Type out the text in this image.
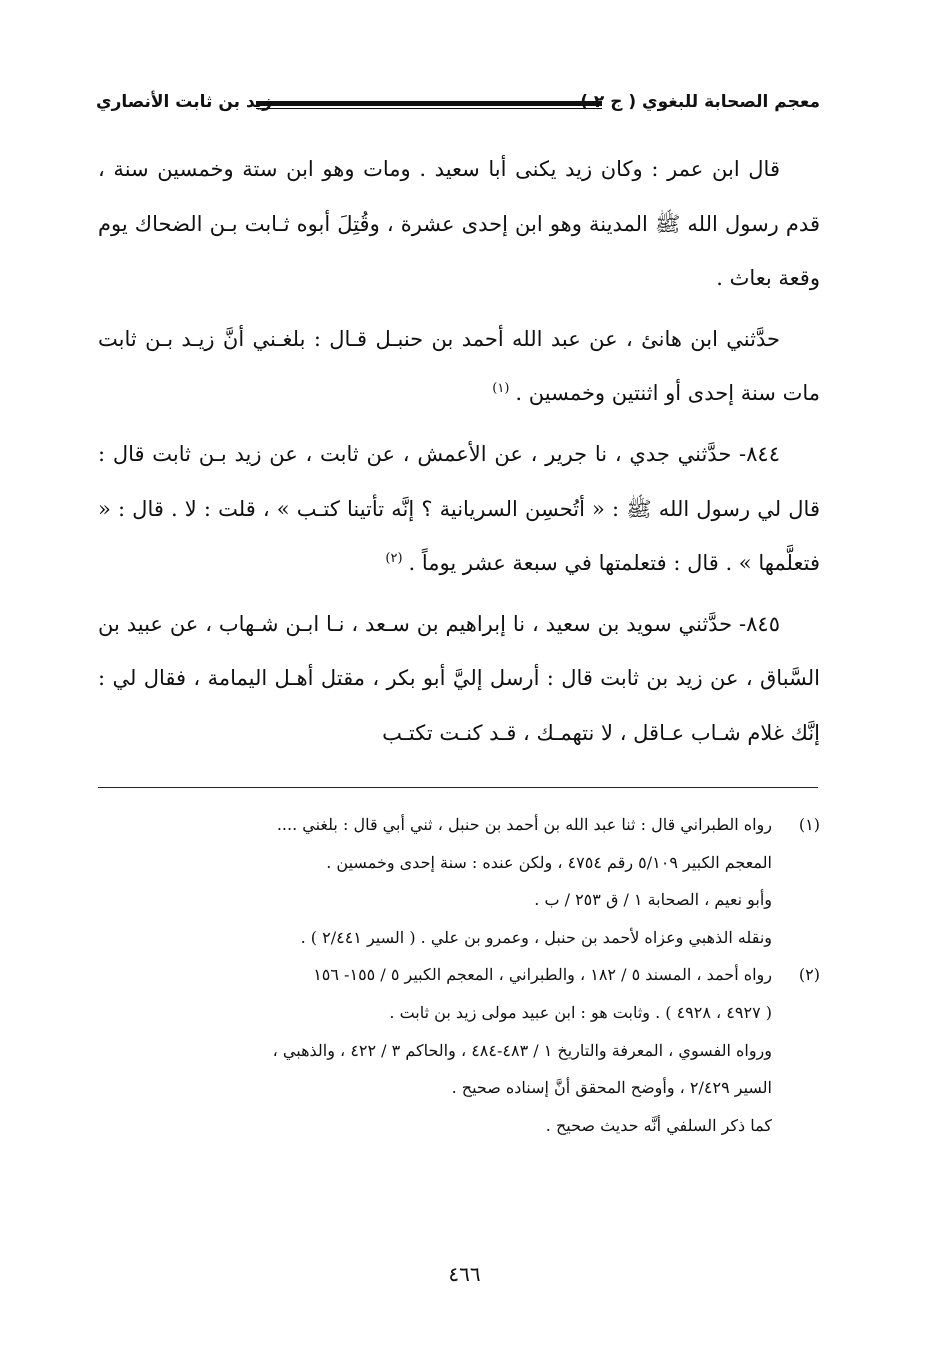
معجم الصحابة للبغوي ( ج ٢ )
زيد بن ثابت الأنصاري

قال ابن عمر : وكان زيد يكنى أبا سعيد . ومات وهو ابن ستة وخمسين سنة ، قدم رسول الله ﷺ المدينة وهو ابن إحدى عشرة ، وقُتِلَ أبوه ثـابت بـن الضحاك يوم وقعة بعاث .

حدَّثني ابن هانئ ، عن عبد الله أحمد بن حنبـل قـال : بلغـني أنَّ زيـد بـن ثابت مات سنة إحدى أو اثنتين وخمسين .$^{(١)}$

٨٤٤- حدَّثني جدي ، نا جرير ، عن الأعمش ، عن ثابت ، عن زيد بـن ثابت قال : قال لي رسول الله ﷺ : « أتُحسِن السريانية ؟ إنَّه تأتينا كتـب » ، قلت : لا . قال : « فتعلَّمها » . قال : فتعلمتها في سبعة عشر يوماً .$^{(٢)}$

٨٤٥- حدَّثني سويد بن سعيد ، نا إبراهيم بن سـعد ، نـا ابـن شـهاب ، عن عبيد بن السَّباق ، عن زيد بن ثابت قال : أرسل إليَّ أبو بكر ، مقتل أهـل اليمامة ، فقال لي : إنَّك غلام شـاب عـاقل ، لا نتهمـك ، قـد كنـت تكتـب

(١)
رواه الطبراني قال : ثنا عبد الله بن أحمد بن حنبل ، ثني أبي قال : بلغني ....
المعجم الكبير ٥/١٠٩ رقم ٤٧٥٤ ، ولكن عنده : سنة إحدى وخمسين .
وأبو نعيم ، الصحابة ١ / ق ٢٥٣ / ب .
ونقله الذهبي وعزاه لأحمد بن حنبل ، وعمرو بن علي . ( السير ٢/٤٤١ ) .
(٢)
رواه أحمد ، المسند ٥ / ١٨٢ ، والطبراني ، المعجم الكبير ٥ / ١٥٥- ١٥٦
( ٤٩٢٧ ، ٤٩٢٨ ) . وثابت هو : ابن عبيد مولى زيد بن ثابت .
ورواه الفسوي ، المعرفة والتاريخ ١ / ٤٨٣-٤٨٤ ، والحاكم ٣ / ٤٢٢ ، والذهبي ،
السير ٢/٤٢٩ ، وأوضح المحقق أنَّ إسناده صحيح .
كما ذكر السلفي أنَّه حديث صحيح .
٤٦٦
